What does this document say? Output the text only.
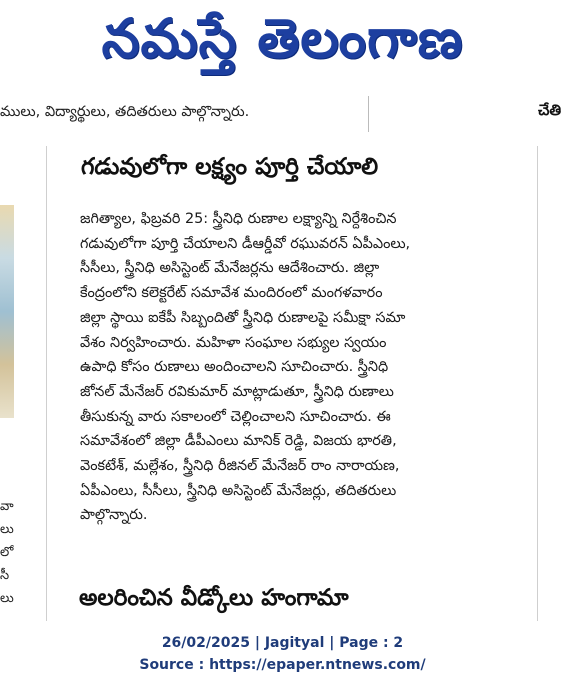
నమస్తే తెలంగాణ
ములు, విద్యార్థులు, తదితరులు పాల్గొన్నారు.	చేతి
వా
లు
లో
సీ
లు
గడువులోగా లక్ష్యం పూర్తి చేయాలి
జగిత్యాల, ఫిబ్రవరి 25: స్త్రీనిధి రుణాల లక్ష్యాన్ని నిర్దేశించిన
గడువులోగా పూర్తి చేయాలని డీఆర్డీవో రఘువరన్ ఏపీఎంలు,
సీసీలు, స్త్రీనిధి అసిస్టెంట్ మేనేజర్లను ఆదేశించారు. జిల్లా
కేంద్రంలోని కలెక్టరేట్ సమావేశ మందిరంలో మంగళవారం
జిల్లా స్థాయి ఐకేపీ సిబ్బందితో స్త్రీనిధి రుణాలపై సమీక్షా సమా
వేశం నిర్వహించారు. మహిళా సంఘాల సభ్యుల స్వయం
ఉపాధి కోసం రుణాలు అందించాలని సూచించారు. స్త్రీనిధి
జోనల్ మేనేజర్ రవికుమార్ మాట్లాడుతూ, స్త్రీనిధి రుణాలు
తీసుకున్న వారు సకాలంలో చెల్లించాలని సూచించారు. ఈ
సమావేశంలో జిల్లా డీపీఎంలు మానిక్ రెడ్డి, విజయ భారతి,
వెంకటేశ్, మల్లేశం, స్త్రీనిధి రీజినల్ మేనేజర్ రాం నారాయణ,
ఏపీఎంలు, సీసీలు, స్త్రీనిధి అసిస్టెంట్ మేనేజర్లు, తదితరులు
పాల్గొన్నారు.
అలరించిన వీడ్కోలు హంగామా
26/02/2025 | Jagityal | Page : 2
Source : https://epaper.ntnews.com/
